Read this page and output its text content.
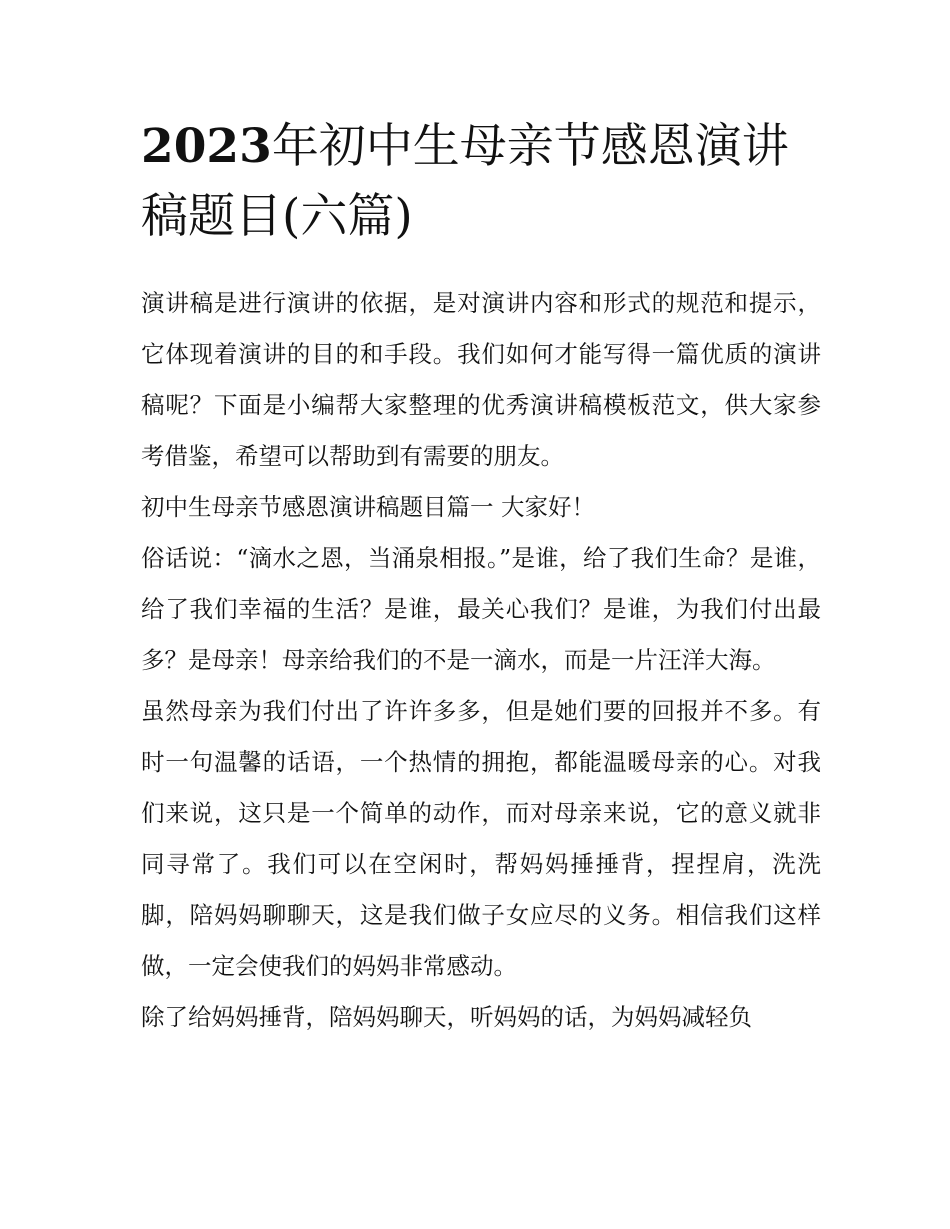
2023年初中生母亲节感恩演讲稿题目(六篇)

演讲稿是进行演讲的依据，是对演讲内容和形式的规范和提示，它体现着演讲的目的和手段。我们如何才能写得一篇优质的演讲稿呢？下面是小编帮大家整理的优秀演讲稿模板范文，供大家参考借鉴，希望可以帮助到有需要的朋友。

初中生母亲节感恩演讲稿题目篇一 大家好！

俗话说：“滴水之恩，当涌泉相报。”是谁，给了我们生命？是谁，给了我们幸福的生活？是谁，最关心我们？是谁，为我们付出最多？是母亲！母亲给我们的不是一滴水，而是一片汪洋大海。

虽然母亲为我们付出了许许多多，但是她们要的回报并不多。有时一句温馨的话语，一个热情的拥抱，都能温暖母亲的心。对我们来说，这只是一个简单的动作，而对母亲来说，它的意义就非同寻常了。我们可以在空闲时，帮妈妈捶捶背，捏捏肩，洗洗脚，陪妈妈聊聊天，这是我们做子女应尽的义务。相信我们这样做，一定会使我们的妈妈非常感动。

除了给妈妈捶背，陪妈妈聊天，听妈妈的话，为妈妈减轻负
